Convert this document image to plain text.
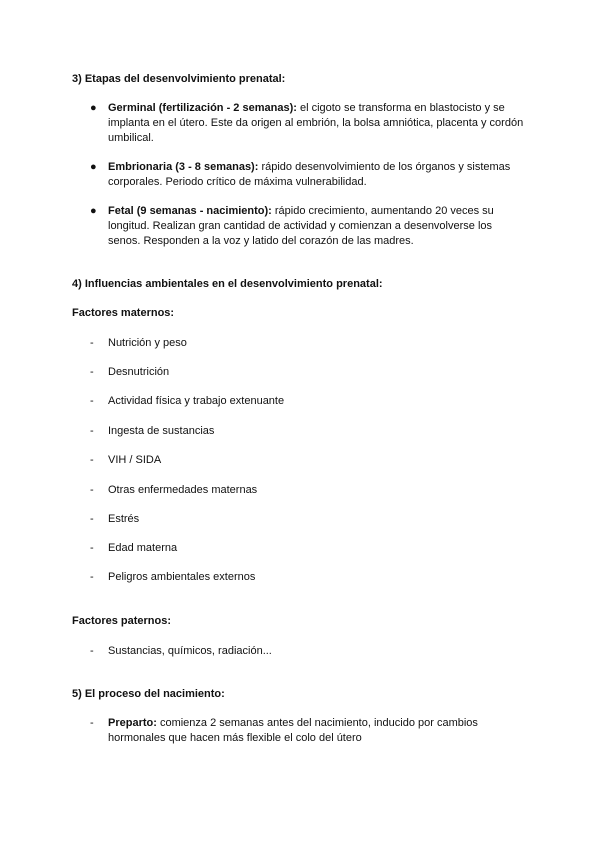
3) Etapas del desenvolvimiento prenatal:
● Germinal (fertilización - 2 semanas): el cigoto se transforma en blastocisto y se
implanta en el útero. Este da origen al embrión, la bolsa amniótica, placenta y cordón
umbilical.
● Embrionaria (3 - 8 semanas): rápido desenvolvimiento de los órganos y sistemas
corporales. Periodo crítico de máxima vulnerabilidad.
● Fetal (9 semanas - nacimiento): rápido crecimiento, aumentando 20 veces su
longitud. Realizan gran cantidad de actividad y comienzan a desenvolverse los
senos. Responden a la voz y latido del corazón de las madres.
4) Influencias ambientales en el desenvolvimiento prenatal:
Factores maternos:
- Nutrición y peso
- Desnutrición
- Actividad física y trabajo extenuante
- Ingesta de sustancias
- VIH / SIDA
- Otras enfermedades maternas
- Estrés
- Edad materna
- Peligros ambientales externos
Factores paternos:
- Sustancias, químicos, radiación...
5) El proceso del nacimiento:
- Preparto: comienza 2 semanas antes del nacimiento, inducido por cambios
hormonales que hacen más flexible el colo del útero
